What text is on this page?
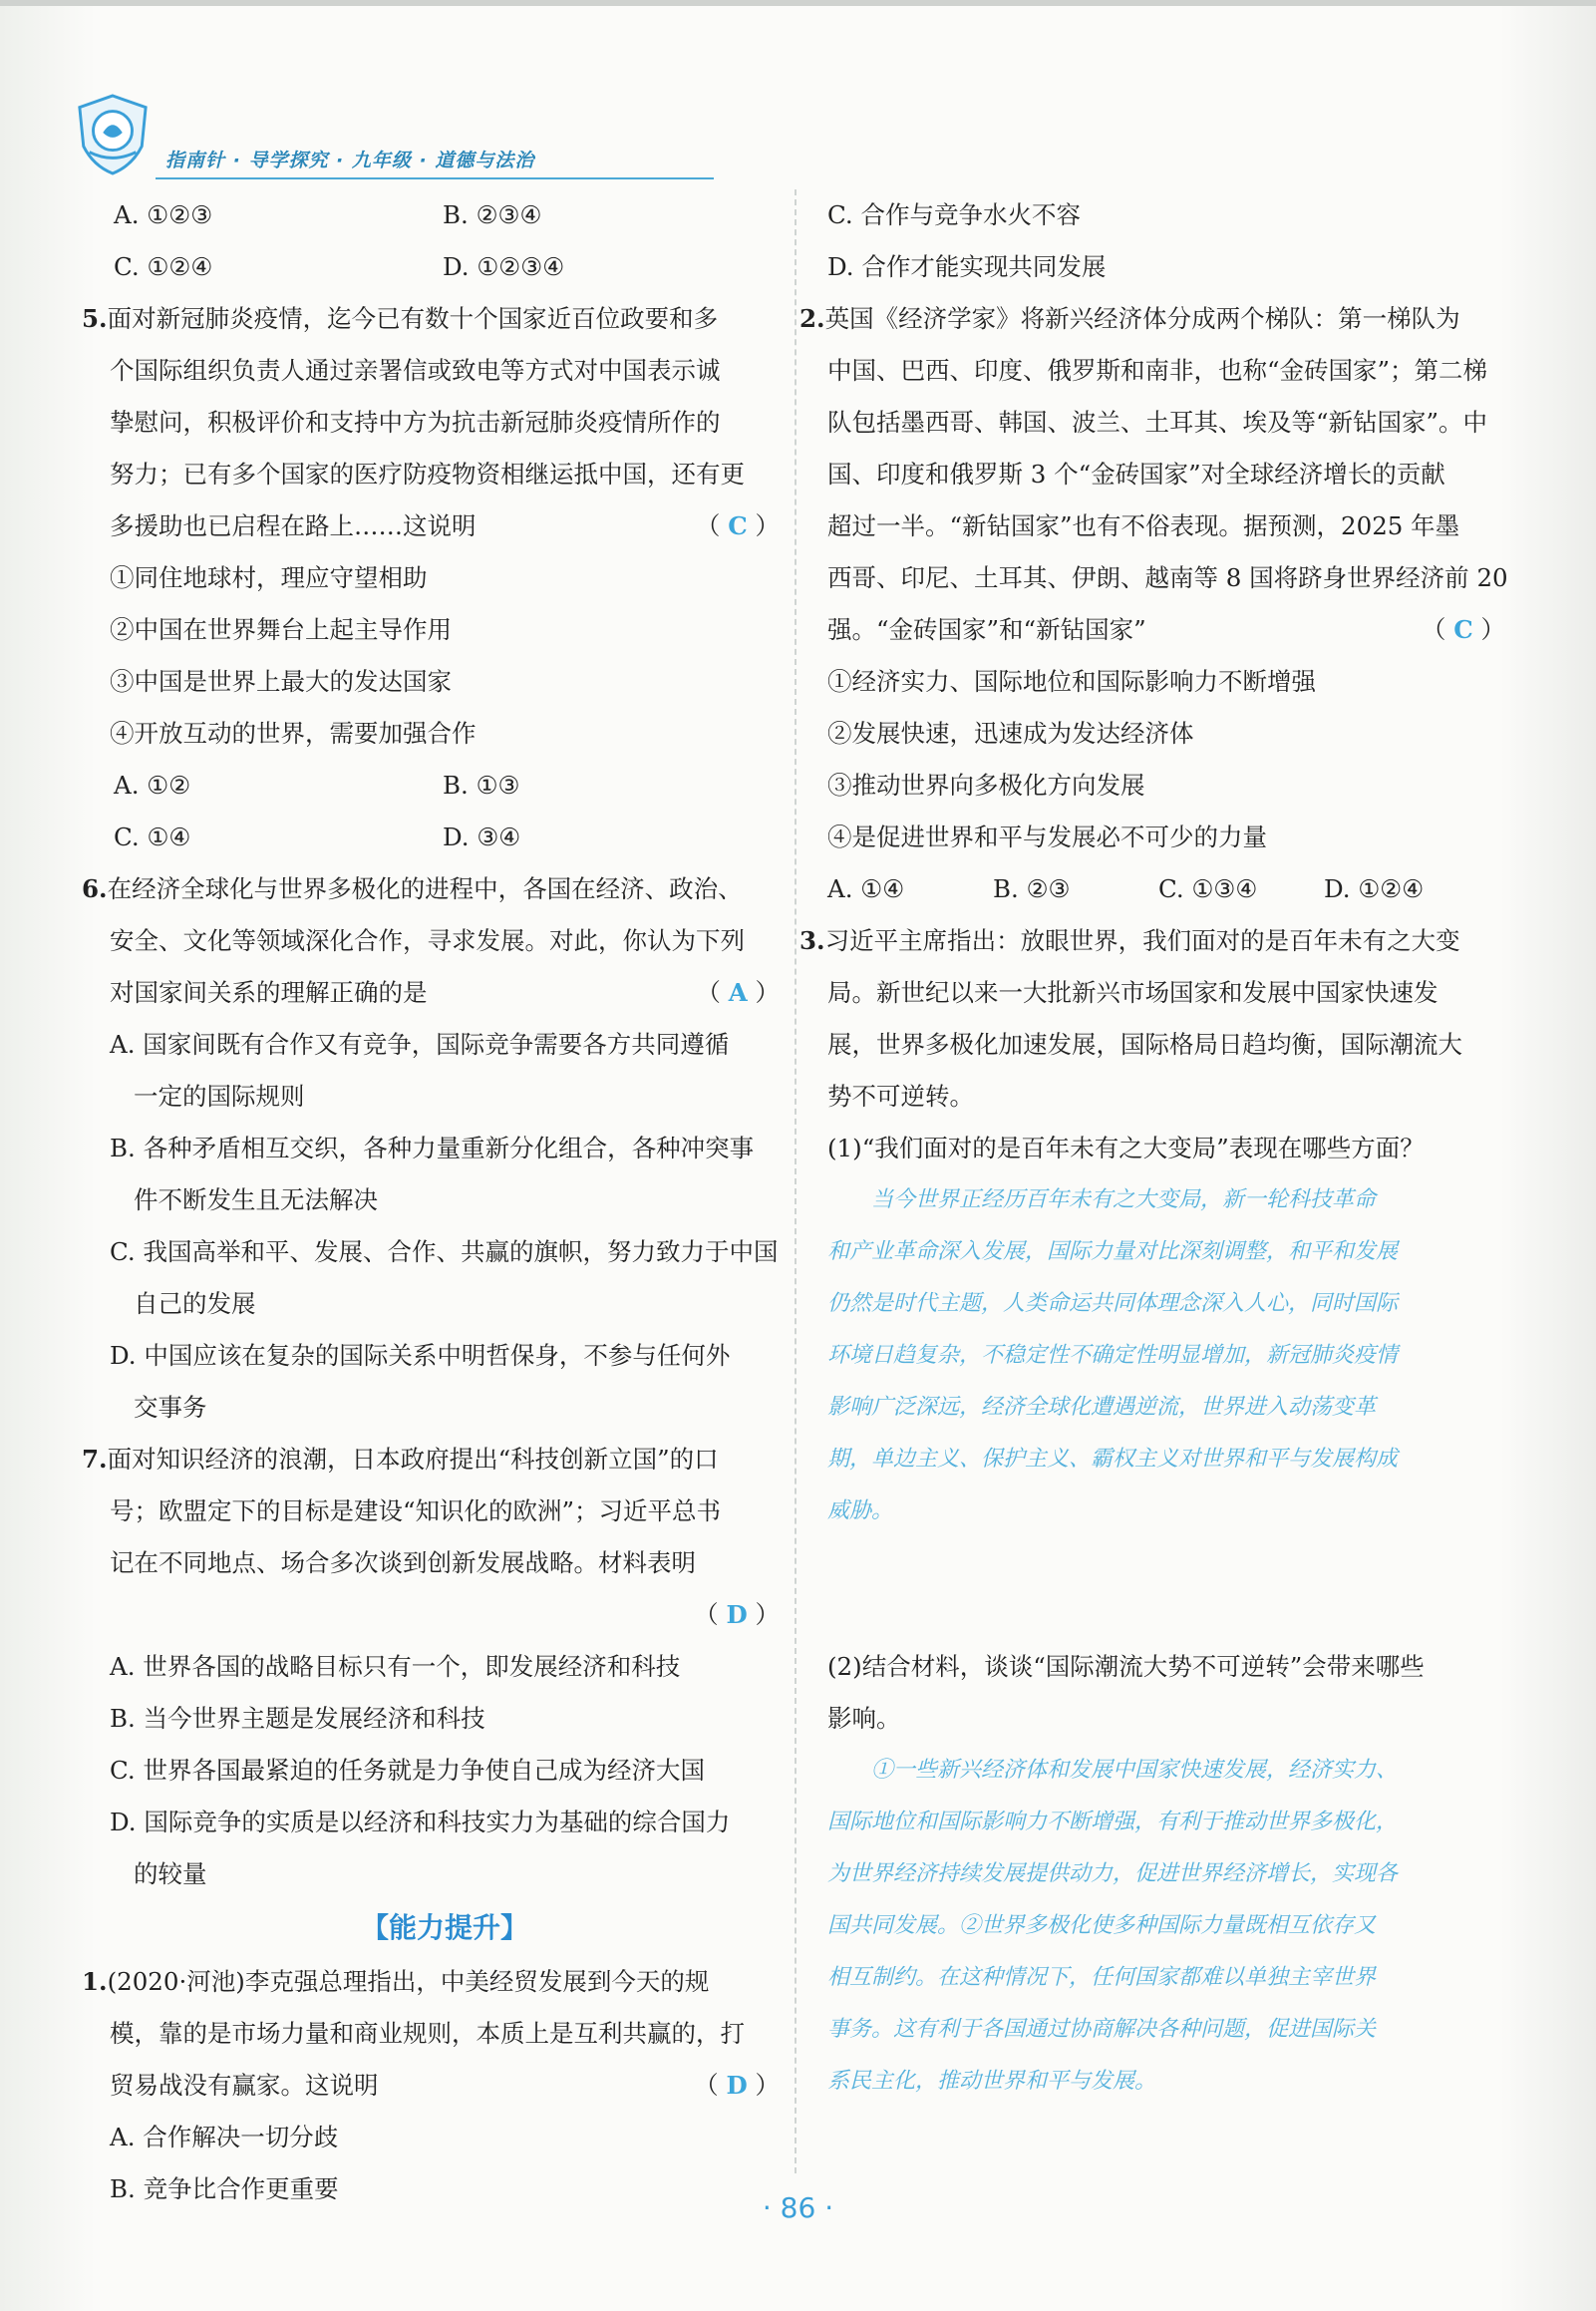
指南针 · 导学探究 · 九年级 · 道德与法治
A. ①②③	B. ②③④
C. ①②④	D. ①②③④
5.面对新冠肺炎疫情，迄今已有数十个国家近百位政要和多
个国际组织负责人通过亲署信或致电等方式对中国表示诚
挚慰问，积极评价和支持中方为抗击新冠肺炎疫情所作的
努力；已有多个国家的医疗防疫物资相继运抵中国，还有更
多援助也已启程在路上……这说明	（ C ）
①同住地球村，理应守望相助
②中国在世界舞台上起主导作用
③中国是世界上最大的发达国家
④开放互动的世界，需要加强合作
A. ①②	B. ①③
C. ①④	D. ③④
6.在经济全球化与世界多极化的进程中，各国在经济、政治、
安全、文化等领域深化合作，寻求发展。对此，你认为下列
对国家间关系的理解正确的是	（ A ）
A. 国家间既有合作又有竞争，国际竞争需要各方共同遵循
一定的国际规则
B. 各种矛盾相互交织，各种力量重新分化组合，各种冲突事
件不断发生且无法解决
C. 我国高举和平、发展、合作、共赢的旗帜，努力致力于中国
自己的发展
D. 中国应该在复杂的国际关系中明哲保身，不参与任何外
交事务
7.面对知识经济的浪潮，日本政府提出“科技创新立国”的口
号；欧盟定下的目标是建设“知识化的欧洲”；习近平总书
记在不同地点、场合多次谈到创新发展战略。材料表明
（ D ）
A. 世界各国的战略目标只有一个，即发展经济和科技
B. 当今世界主题是发展经济和科技
C. 世界各国最紧迫的任务就是力争使自己成为经济大国
D. 国际竞争的实质是以经济和科技实力为基础的综合国力
的较量
【能力提升】
1.(2020·河池)李克强总理指出，中美经贸发展到今天的规
模，靠的是市场力量和商业规则，本质上是互利共赢的，打
贸易战没有赢家。这说明	（ D ）
A. 合作解决一切分歧
B. 竞争比合作更重要
C. 合作与竞争水火不容
D. 合作才能实现共同发展
2.英国《经济学家》将新兴经济体分成两个梯队：第一梯队为
中国、巴西、印度、俄罗斯和南非，也称“金砖国家”；第二梯
队包括墨西哥、韩国、波兰、土耳其、埃及等“新钻国家”。中
国、印度和俄罗斯 3 个“金砖国家”对全球经济增长的贡献
超过一半。“新钻国家”也有不俗表现。据预测，2025 年墨
西哥、印尼、土耳其、伊朗、越南等 8 国将跻身世界经济前 20
强。“金砖国家”和“新钻国家”	（ C ）
①经济实力、国际地位和国际影响力不断增强
②发展快速，迅速成为发达经济体
③推动世界向多极化方向发展
④是促进世界和平与发展必不可少的力量
A. ①④	B. ②③	C. ①③④	D. ①②④
3.习近平主席指出：放眼世界，我们面对的是百年未有之大变
局。新世纪以来一大批新兴市场国家和发展中国家快速发
展，世界多极化加速发展，国际格局日趋均衡，国际潮流大
势不可逆转。
(1)“我们面对的是百年未有之大变局”表现在哪些方面？
　　当今世界正经历百年未有之大变局，新一轮科技革命
和产业革命深入发展，国际力量对比深刻调整，和平和发展
仍然是时代主题，人类命运共同体理念深入人心，同时国际
环境日趋复杂，不稳定性不确定性明显增加，新冠肺炎疫情
影响广泛深远，经济全球化遭遇逆流，世界进入动荡变革
期，单边主义、保护主义、霸权主义对世界和平与发展构成
威胁。
(2)结合材料，谈谈“国际潮流大势不可逆转”会带来哪些
影响。
　　①一些新兴经济体和发展中国家快速发展，经济实力、
国际地位和国际影响力不断增强，有利于推动世界多极化，
为世界经济持续发展提供动力，促进世界经济增长，实现各
国共同发展。②世界多极化使多种国际力量既相互依存又
相互制约。在这种情况下，任何国家都难以单独主宰世界
事务。这有利于各国通过协商解决各种问题，促进国际关
系民主化，推动世界和平与发展。
· 86 ·
